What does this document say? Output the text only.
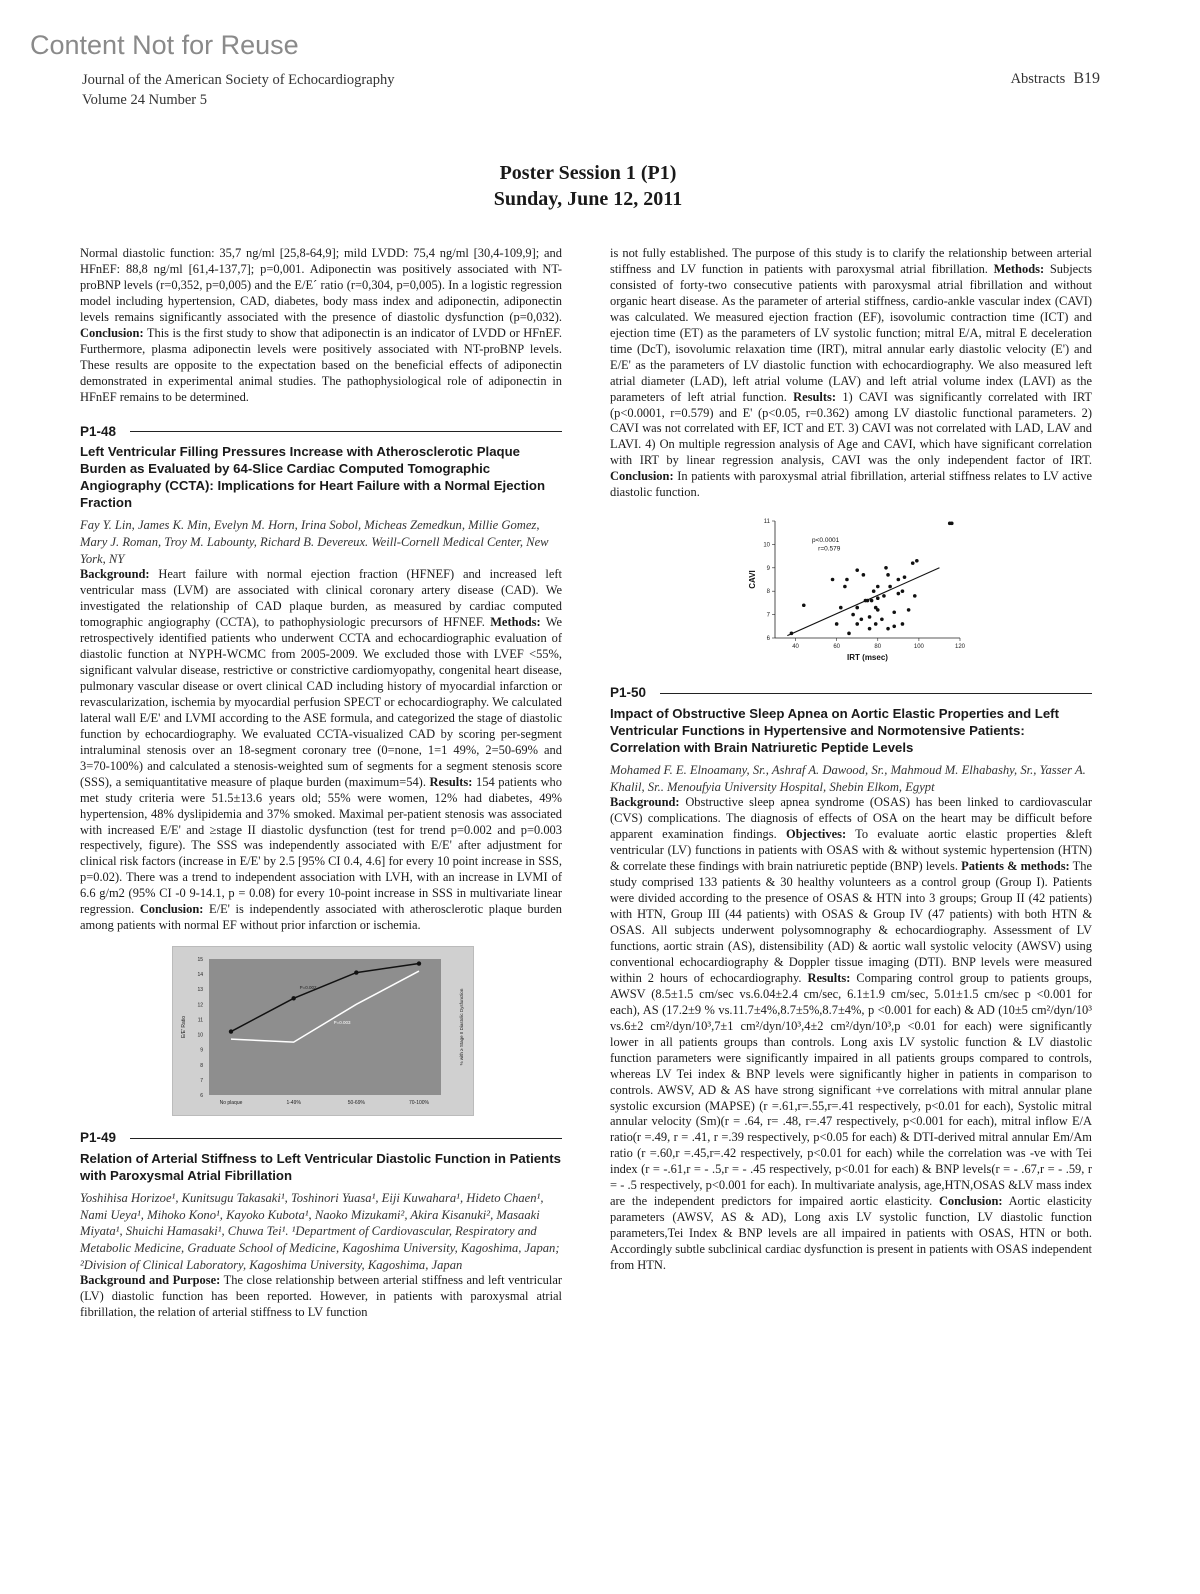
Content Not for Reuse
Journal of the American Society of Echocardiography
Volume 24 Number 5
Abstracts B19
Poster Session 1 (P1)
Sunday, June 12, 2011

Normal diastolic function: 35,7 ng/ml [25,8-64,9]; mild LVDD: 75,4 ng/ml [30,4-109,9]; and HFnEF: 88,8 ng/ml [61,4-137,7]; p=0,001. Adiponectin was positively associated with NT-proBNP levels (r=0,352, p=0,005) and the E/E´ ratio (r=0,304, p=0,005). In a logistic regression model including hypertension, CAD, diabetes, body mass index and adiponectin, adiponectin levels remains significantly associated with the presence of diastolic dysfunction (p=0,032). Conclusion: This is the first study to show that adiponectin is an indicator of LVDD or HFnEF. Furthermore, plasma adiponectin levels were positively associated with NT-proBNP levels. These results are opposite to the expectation based on the beneficial effects of adiponectin demonstrated in experimental animal studies. The pathophysiological role of adiponectin in HFnEF remains to be determined.

P1-48
Left Ventricular Filling Pressures Increase with Atherosclerotic Plaque Burden as Evaluated by 64-Slice Cardiac Computed Tomographic Angiography (CCTA): Implications for Heart Failure with a Normal Ejection Fraction
Fay Y. Lin, James K. Min, Evelyn M. Horn, Irina Sobol, Micheas Zemedkun, Millie Gomez, Mary J. Roman, Troy M. Labounty, Richard B. Devereux. Weill-Cornell Medical Center, New York, NY

Background: Heart failure with normal ejection fraction (HFNEF) and increased left ventricular mass (LVM) are associated with clinical coronary artery disease (CAD). We investigated the relationship of CAD plaque burden, as measured by cardiac computed tomographic angiography (CCTA), to pathophysiologic precursors of HFNEF. Methods: We retrospectively identified patients who underwent CCTA and echocardiographic evaluation of diastolic function at NYPH-WCMC from 2005-2009. We excluded those with LVEF <55%, significant valvular disease, restrictive or constrictive cardiomyopathy, congenital heart disease, pulmonary vascular disease or overt clinical CAD including history of myocardial infarction or revascularization, ischemia by myocardial perfusion SPECT or echocardiography. We calculated lateral wall E/E' and LVMI according to the ASE formula, and categorized the stage of diastolic function by echocardiography. We evaluated CCTA-visualized CAD by scoring per-segment intraluminal stenosis over an 18-segment coronary tree (0=none, 1=1 49%, 2=50-69% and 3=70-100%) and calculated a stenosis-weighted sum of segments for a segment stenosis score (SSS), a semiquantitative measure of plaque burden (maximum=54). Results: 154 patients who met study criteria were 51.5±13.6 years old; 55% were women, 12% had diabetes, 49% hypertension, 48% dyslipidemia and 37% smoked. Maximal per-patient stenosis was associated with increased E/E' and ≥stage II diastolic dysfunction (test for trend p=0.002 and p=0.003 respectively, figure). The SSS was independently associated with E/E' after adjustment for clinical risk factors (increase in E/E' by 2.5 [95% CI 0.4, 4.6] for every 10 point increase in SSS, p=0.02). There was a trend to independent association with LVH, with an increase in LVMI of 6.6 g/m2 (95% CI -0 9-14.1, p = 0.08) for every 10-point increase in SSS in multivariate linear regression. Conclusion: E/E' is independently associated with atherosclerotic plaque burden among patients with normal EF without prior infarction or ischemia.

6
7
8
9
10
11
12
13
14
15
No plaque	1-49%	50-69%	70-100%
E/E' Ratio	% with ≥ Stage II Diastolic Dysfunction
P=0.002
P=0.003
P1-49
Relation of Arterial Stiffness to Left Ventricular Diastolic Function in Patients with Paroxysmal Atrial Fibrillation
Yoshihisa Horizoe¹, Kunitsugu Takasaki¹, Toshinori Yuasa¹, Eiji Kuwahara¹, Hideto Chaen¹, Nami Ueya¹, Mihoko Kono¹, Kayoko Kubota¹, Naoko Mizukami², Akira Kisanuki², Masaaki Miyata¹, Shuichi Hamasaki¹, Chuwa Tei¹. ¹Department of Cardiovascular, Respiratory and Metabolic Medicine, Graduate School of Medicine, Kagoshima University, Kagoshima, Japan; ²Division of Clinical Laboratory, Kagoshima University, Kagoshima, Japan

Background and Purpose: The close relationship between arterial stiffness and left ventricular (LV) diastolic function has been reported. However, in patients with paroxysmal atrial fibrillation, the relation of arterial stiffness to LV function

is not fully established. The purpose of this study is to clarify the relationship between arterial stiffness and LV function in patients with paroxysmal atrial fibrillation. Methods: Subjects consisted of forty-two consecutive patients with paroxysmal atrial fibrillation and without organic heart disease. As the parameter of arterial stiffness, cardio-ankle vascular index (CAVI) was calculated. We measured ejection fraction (EF), isovolumic contraction time (ICT) and ejection time (ET) as the parameters of LV systolic function; mitral E/A, mitral E deceleration time (DcT), isovolumic relaxation time (IRT), mitral annular early diastolic velocity (E') and E/E' as the parameters of LV diastolic function with echocardiography. We also measured left atrial diameter (LAD), left atrial volume (LAV) and left atrial volume index (LAVI) as the parameters of left atrial function. Results: 1) CAVI was significantly correlated with IRT (p<0.0001, r=0.579) and E' (p<0.05, r=0.362) among LV diastolic functional parameters. 2) CAVI was not correlated with EF, ICT and ET. 3) CAVI was not correlated with LAD, LAV and LAVI. 4) On multiple regression analysis of Age and CAVI, which have significant correlation with IRT by linear regression analysis, CAVI was the only independent factor of IRT. Conclusion: In patients with paroxysmal atrial fibrillation, arterial stiffness relates to LV active diastolic function.

40	60	80	100	120
6
7
8
9
10
11
IRT (msec)
CAVI
p<0.0001
r=0.579
P1-50
Impact of Obstructive Sleep Apnea on Aortic Elastic Properties and Left Ventricular Functions in Hypertensive and Normotensive Patients: Correlation with Brain Natriuretic Peptide Levels
Mohamed F. E. Elnoamany, Sr., Ashraf A. Dawood, Sr., Mahmoud M. Elhabashy, Sr., Yasser A. Khalil, Sr.. Menoufyia University Hospital, Shebin Elkom, Egypt

Background: Obstructive sleep apnea syndrome (OSAS) has been linked to cardiovascular (CVS) complications. The diagnosis of effects of OSA on the heart may be difficult before apparent examination findings. Objectives: To evaluate aortic elastic properties &left ventricular (LV) functions in patients with OSAS with & without systemic hypertension (HTN) & correlate these findings with brain natriuretic peptide (BNP) levels. Patients & methods: The study comprised 133 patients & 30 healthy volunteers as a control group (Group I). Patients were divided according to the presence of OSAS & HTN into 3 groups; Group II (42 patients) with HTN, Group III (44 patients) with OSAS & Group IV (47 patients) with both HTN & OSAS. All subjects underwent polysomnography & echocardiography. Assessment of LV functions, aortic strain (AS), distensibility (AD) & aortic wall systolic velocity (AWSV) using conventional echocardiography & Doppler tissue imaging (DTI). BNP levels were measured within 2 hours of echocardiography. Results: Comparing control group to patients groups, AWSV (8.5±1.5 cm/sec vs.6.04±2.4 cm/sec, 6.1±1.9 cm/sec, 5.01±1.5 cm/sec p <0.001 for each), AS (17.2±9 % vs.11.7±4%,8.7±5%,8.7±4%, p <0.001 for each) & AD (10±5 cm²/dyn/10³ vs.6±2 cm²/dyn/10³,7±1 cm²/dyn/10³,4±2 cm²/dyn/10³,p <0.01 for each) were significantly lower in all patients groups than controls. Long axis LV systolic function & LV diastolic function parameters were significantly impaired in all patients groups compared to controls, whereas LV Tei index & BNP levels were significantly higher in patients in comparison to controls. AWSV, AD & AS have strong significant +ve correlations with mitral annular plane systolic excursion (MAPSE) (r =.61,r=.55,r=.41 respectively, p<0.01 for each), Systolic mitral annular velocity (Sm)(r = .64, r= .48, r=.47 respectively, p<0.001 for each), mitral inflow E/A ratio(r =.49, r = .41, r =.39 respectively, p<0.05 for each) & DTI-derived mitral annular Em/Am ratio (r =.60,r =.45,r=.42 respectively, p<0.01 for each) while the correlation was -ve with Tei index (r = -.61,r = - .5,r = - .45 respectively, p<0.01 for each) & BNP levels(r = - .67,r = - .59, r = - .5 respectively, p<0.001 for each). In multivariate analysis, age,HTN,OSAS &LV mass index are the independent predictors for impaired aortic elasticity. Conclusion: Aortic elasticity parameters (AWSV, AS & AD), Long axis LV systolic function, LV diastolic function parameters,Tei Index & BNP levels are all impaired in patients with OSAS, HTN or both. Accordingly subtle subclinical cardiac dysfunction is present in patients with OSAS independent from HTN.
